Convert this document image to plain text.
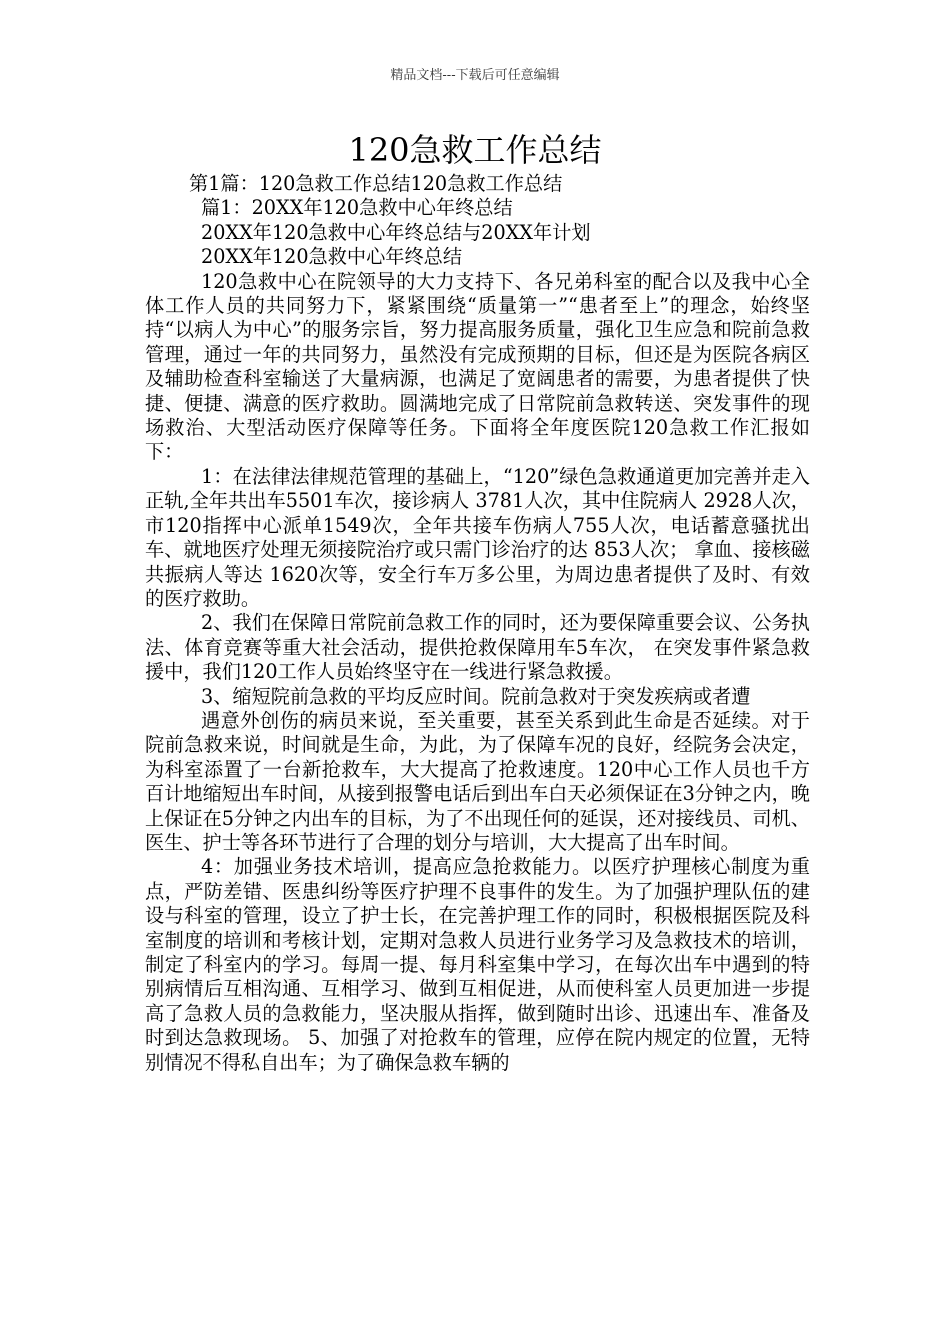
精品文档---下载后可任意编辑
120急救工作总结

第1篇：120急救工作总结120急救工作总结

篇1：20XX年120急救中心年终总结

20XX年120急救中心年终总结与20XX年计划

20XX年120急救中心年终总结

120急救中心在院领导的大力支持下、各兄弟科室的配合以及我中心全体工作人员的共同努力下，紧紧围绕“质量第一”“患者至上”的理念，始终坚持“以病人为中心”的服务宗旨，努力提高服务质量，强化卫生应急和院前急救管理，通过一年的共同努力，虽然没有完成预期的目标，但还是为医院各病区及辅助检查科室输送了大量病源，也满足了宽阔患者的需要，为患者提供了快捷、便捷、满意的医疗救助。圆满地完成了日常院前急救转送、突发事件的现场救治、大型活动医疗保障等任务。下面将全年度医院120急救工作汇报如下：

1：在法律法律规范管理的基础上，“120”绿色急救通道更加完善并走入正轨,全年共出车5501车次，接诊病人 3781人次，其中住院病人 2928人次，市120指挥中心派单1549次，全年共接车伤病人755人次，电话蓄意骚扰出车、就地医疗处理无须接院治疗或只需门诊治疗的达 853人次； 拿血、接核磁共振病人等达 1620次等，安全行车万多公里，为周边患者提供了及时、有效的医疗救助。

2、我们在保障日常院前急救工作的同时，还为要保障重要会议、公务执法、体育竞赛等重大社会活动，提供抢救保障用车5车次， 在突发事件紧急救援中，我们120工作人员始终坚守在一线进行紧急救援。

3、缩短院前急救的平均反应时间。院前急救对于突发疾病或者遭

遇意外创伤的病员来说，至关重要，甚至关系到此生命是否延续。对于院前急救来说，时间就是生命，为此，为了保障车况的良好，经院务会决定，为科室添置了一台新抢救车，大大提高了抢救速度。120中心工作人员也千方百计地缩短出车时间，从接到报警电话后到出车白天必须保证在3分钟之内，晚上保证在5分钟之内出车的目标，为了不出现任何的延误，还对接线员、司机、医生、护士等各环节进行了合理的划分与培训，大大提高了出车时间。

4：加强业务技术培训，提高应急抢救能力。以医疗护理核心制度为重点，严防差错、医患纠纷等医疗护理不良事件的发生。为了加强护理队伍的建设与科室的管理，设立了护士长，在完善护理工作的同时，积极根据医院及科室制度的培训和考核计划，定期对急救人员进行业务学习及急救技术的培训，制定了科室内的学习。每周一提、每月科室集中学习，在每次出车中遇到的特别病情后互相沟通、互相学习、做到互相促进，从而使科室人员更加进一步提高了急救人员的急救能力，坚决服从指挥，做到随时出诊、迅速出车、准备及时到达急救现场。 5、加强了对抢救车的管理，应停在院内规定的位置，无特别情况不得私自出车；为了确保急救车辆的
